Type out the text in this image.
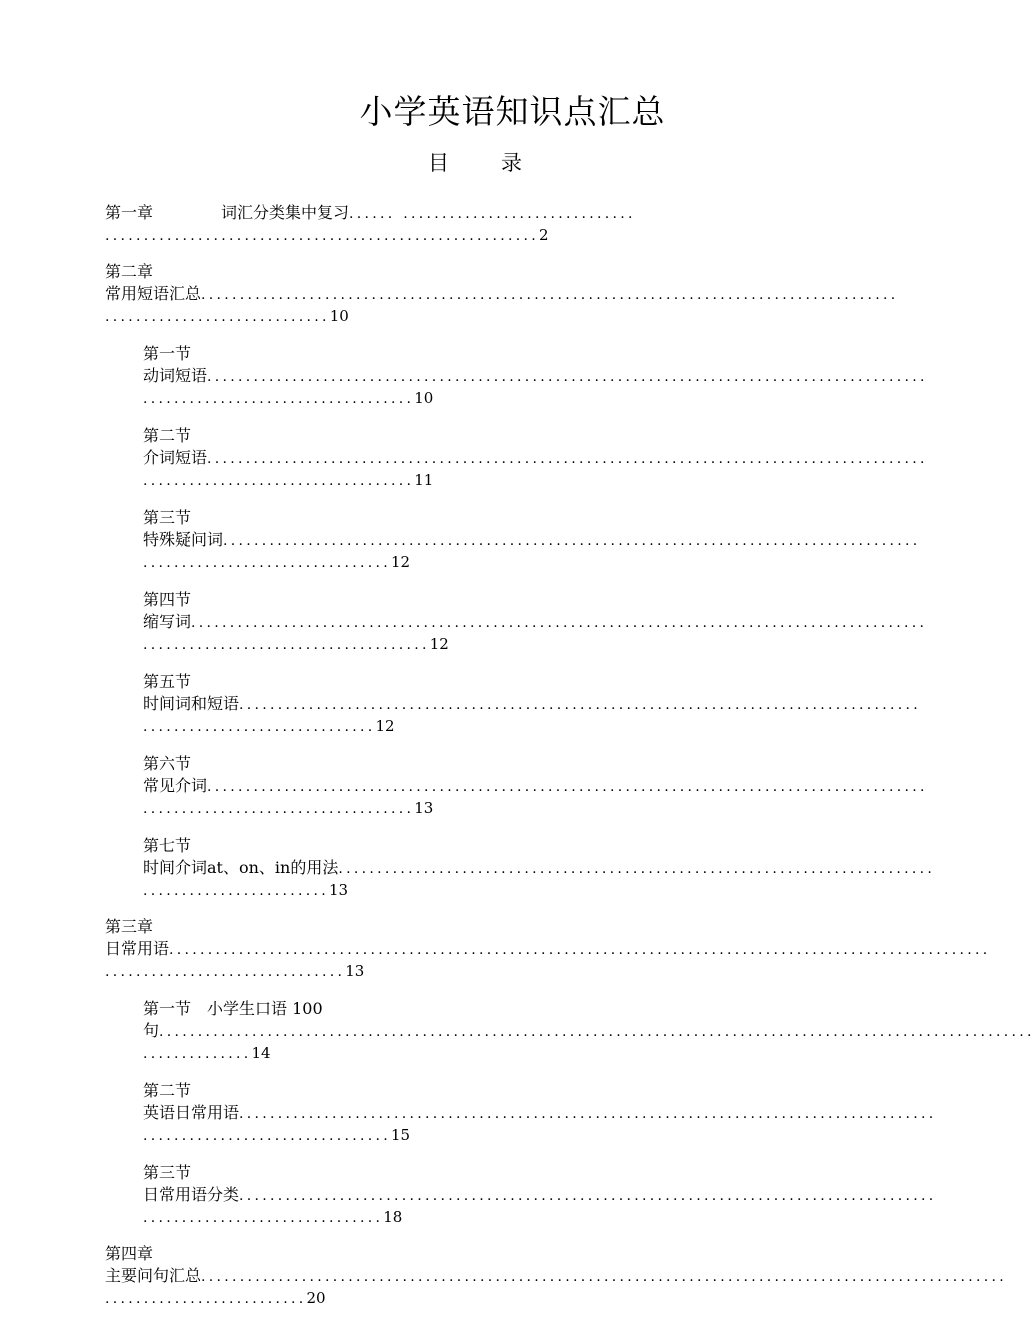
小学英语知识点汇总
目 录
第一章	词汇分类集中复习...... ..............................
........................................................2
第二章
常用短语汇总..........................................................................................
.............................10
第一节
动词短语.............................................................................................
...................................10
第二节
介词短语.............................................................................................
...................................11
第三节
特殊疑问词..........................................................................................
................................12
第四节
缩写词...............................................................................................
.....................................12
第五节
时间词和短语........................................................................................
..............................12
第六节
常见介词.............................................................................................
...................................13
第七节
时间介词at、on、in的用法.............................................................................
........................13
第三章
日常用语..........................................................................................................
...............................13
第一节　小学生口语 100
句.................................................................................................................
..............14
第二节
英语日常用语..........................................................................................
................................15
第三节
日常用语分类..........................................................................................
...............................18
第四章
主要问句汇总........................................................................................................
..........................20
